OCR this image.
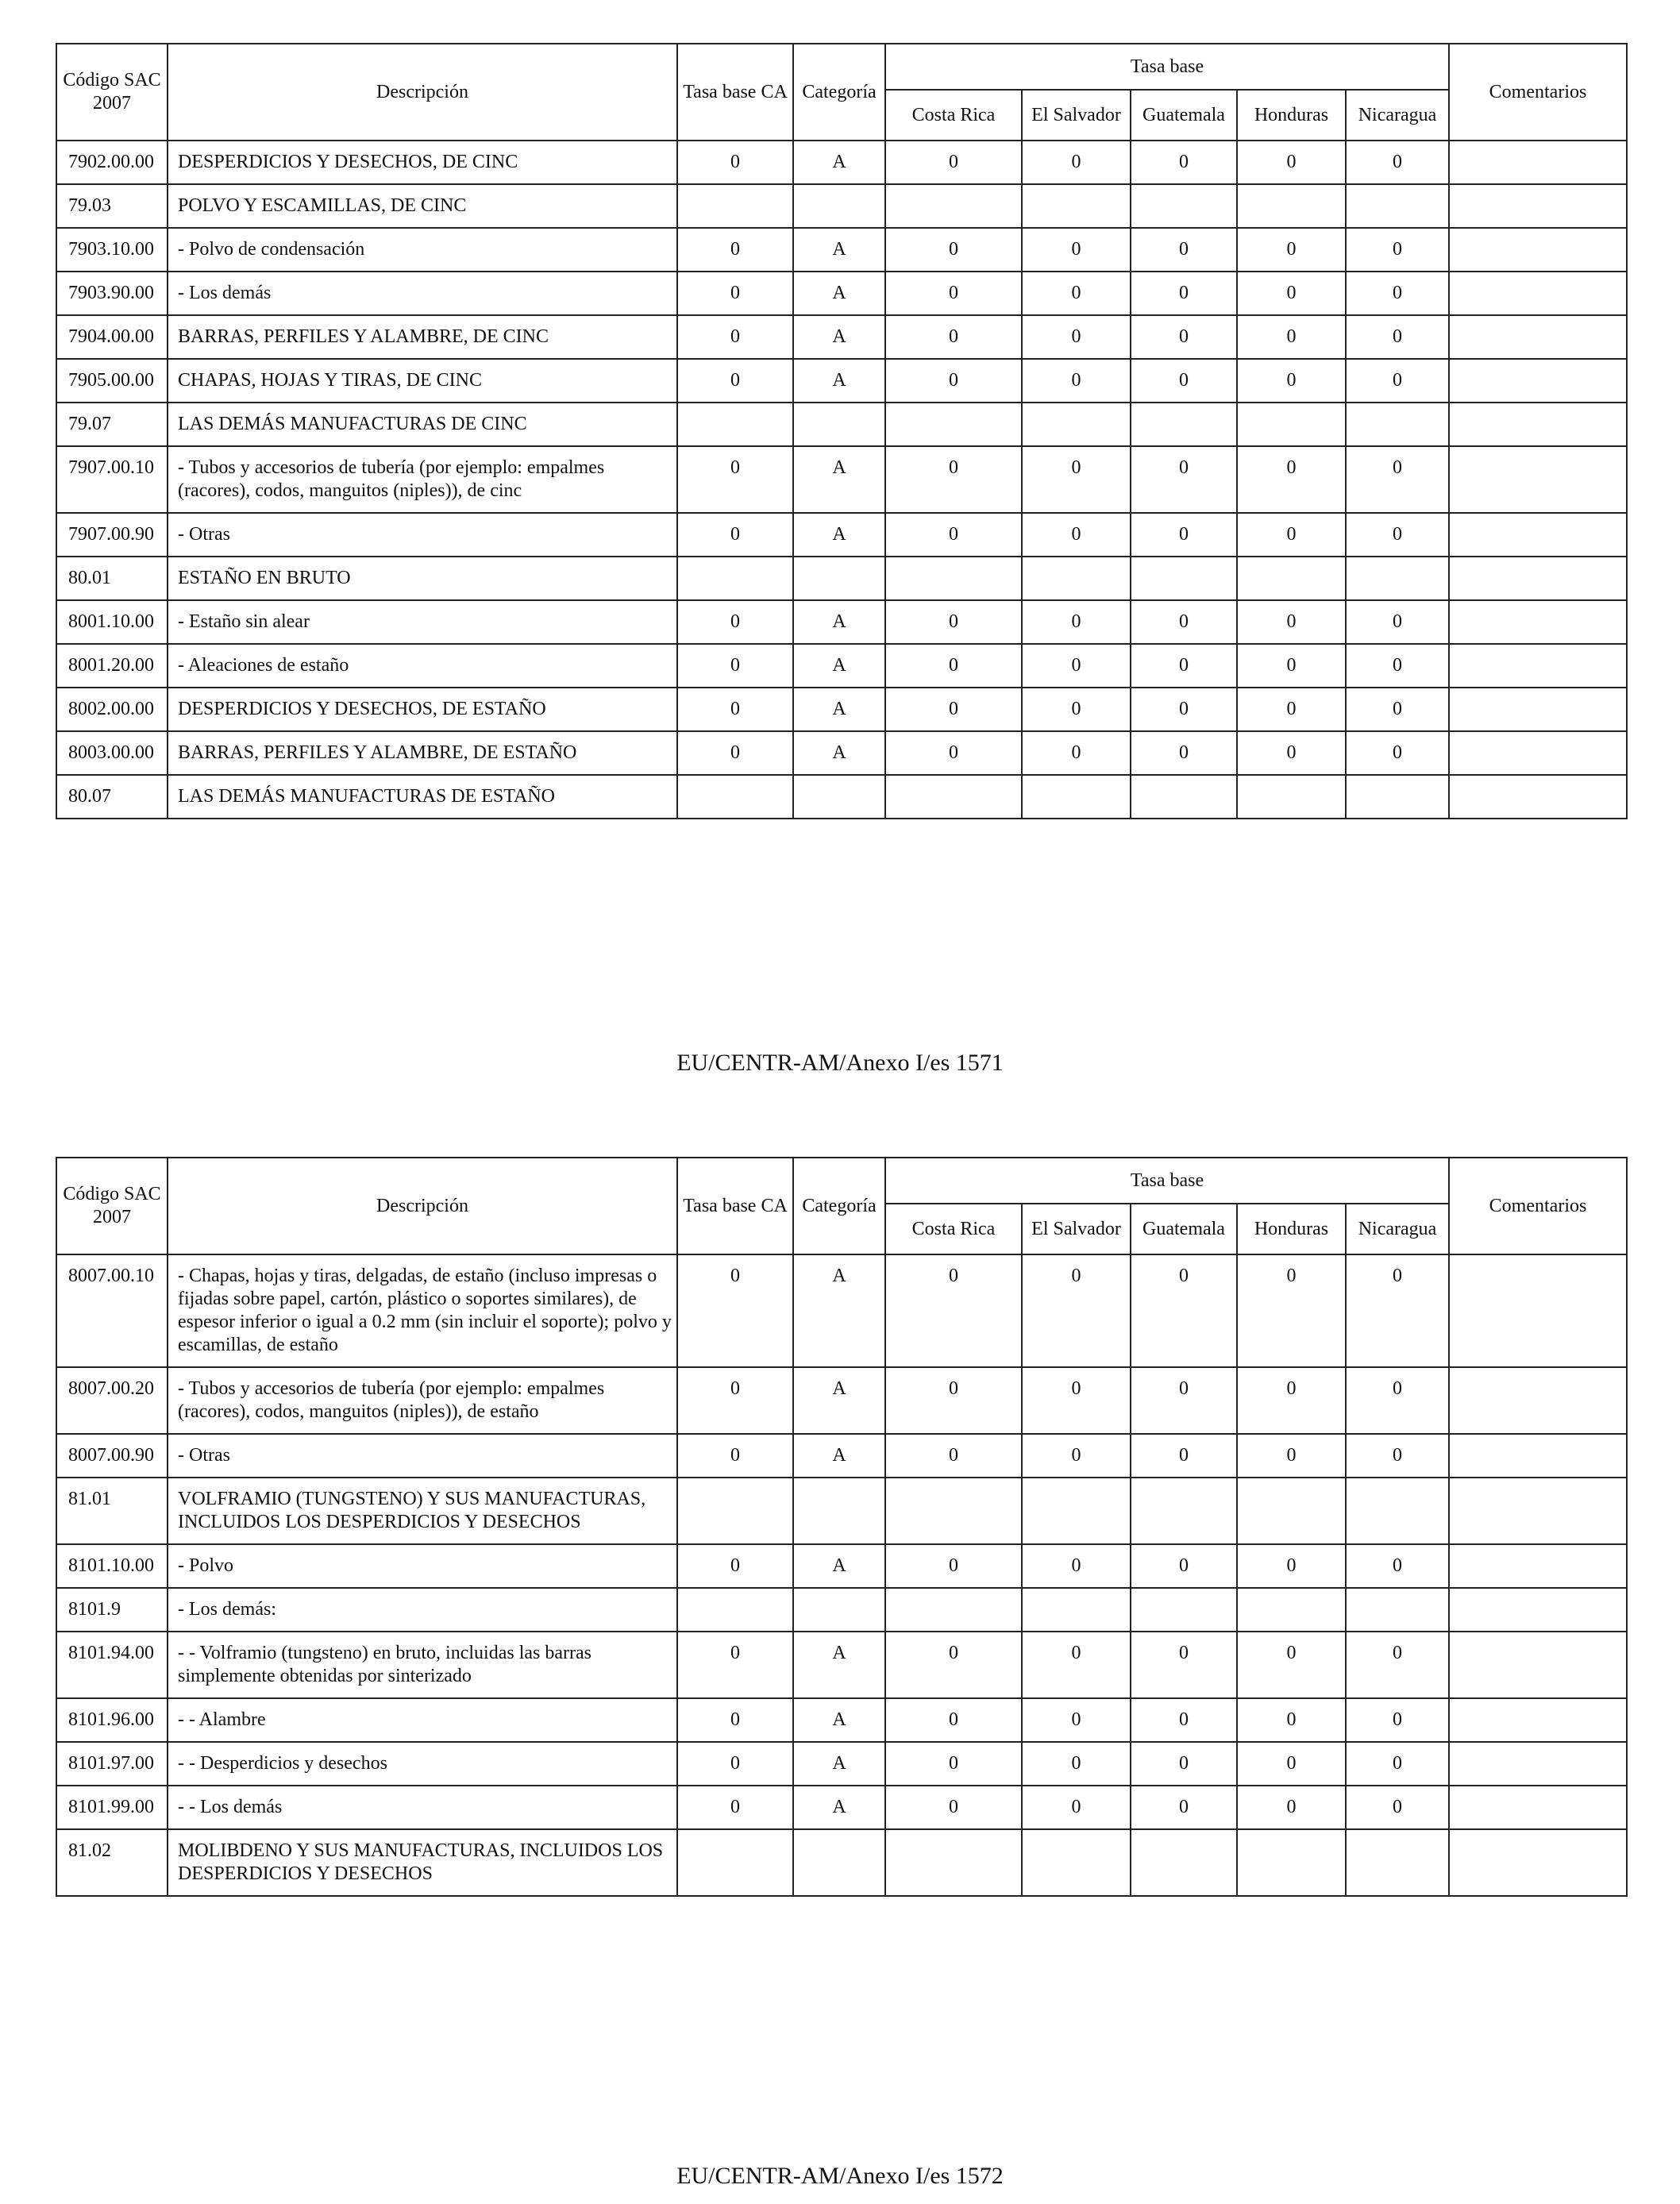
Código SAC 2007	Descripción	Tasa base CA	Categoría	Tasa base					Comentarios
				Costa Rica	El Salvador	Guatemala	Honduras	Nicaragua	
7902.00.00	DESPERDICIOS Y DESECHOS, DE CINC	0	A	0	0	0	0	0	
79.03	POLVO Y ESCAMILLAS, DE CINC								
7903.10.00	- Polvo de condensación	0	A	0	0	0	0	0	
7903.90.00	- Los demás	0	A	0	0	0	0	0	
7904.00.00	BARRAS, PERFILES Y ALAMBRE, DE CINC	0	A	0	0	0	0	0	
7905.00.00	CHAPAS, HOJAS Y TIRAS, DE CINC	0	A	0	0	0	0	0	
79.07	LAS DEMÁS MANUFACTURAS DE CINC								
7907.00.10	- Tubos y accesorios de tubería (por ejemplo: empalmes (racores), codos, manguitos (niples)), de cinc	0	A	0	0	0	0	0	
7907.00.90	- Otras	0	A	0	0	0	0	0	
80.01	ESTAÑO EN BRUTO								
8001.10.00	- Estaño sin alear	0	A	0	0	0	0	0	
8001.20.00	- Aleaciones de estaño	0	A	0	0	0	0	0	
8002.00.00	DESPERDICIOS Y DESECHOS, DE ESTAÑO	0	A	0	0	0	0	0	
8003.00.00	BARRAS, PERFILES Y ALAMBRE, DE ESTAÑO	0	A	0	0	0	0	0	
80.07	LAS DEMÁS MANUFACTURAS DE ESTAÑO								
EU/CENTR-AM/Anexo I/es 1571
Código SAC 2007	Descripción	Tasa base CA	Categoría	Tasa base					Comentarios
				Costa Rica	El Salvador	Guatemala	Honduras	Nicaragua	
8007.00.10	- Chapas, hojas y tiras, delgadas, de estaño (incluso impresas o fijadas sobre papel, cartón, plástico o soportes similares), de espesor inferior o igual a 0.2 mm (sin incluir el soporte); polvo y escamillas, de estaño	0	A	0	0	0	0	0	
8007.00.20	- Tubos y accesorios de tubería (por ejemplo: empalmes (racores), codos, manguitos (niples)), de estaño	0	A	0	0	0	0	0	
8007.00.90	- Otras	0	A	0	0	0	0	0	
81.01	VOLFRAMIO (TUNGSTENO) Y SUS MANUFACTURAS, INCLUIDOS LOS DESPERDICIOS Y DESECHOS								
8101.10.00	- Polvo	0	A	0	0	0	0	0	
8101.9	- Los demás:								
8101.94.00	- - Volframio (tungsteno) en bruto, incluidas las barras simplemente obtenidas por sinterizado	0	A	0	0	0	0	0	
8101.96.00	- - Alambre	0	A	0	0	0	0	0	
8101.97.00	- - Desperdicios y desechos	0	A	0	0	0	0	0	
8101.99.00	- - Los demás	0	A	0	0	0	0	0	
81.02	MOLIBDENO Y SUS MANUFACTURAS, INCLUIDOS LOS DESPERDICIOS Y DESECHOS								
EU/CENTR-AM/Anexo I/es 1572
